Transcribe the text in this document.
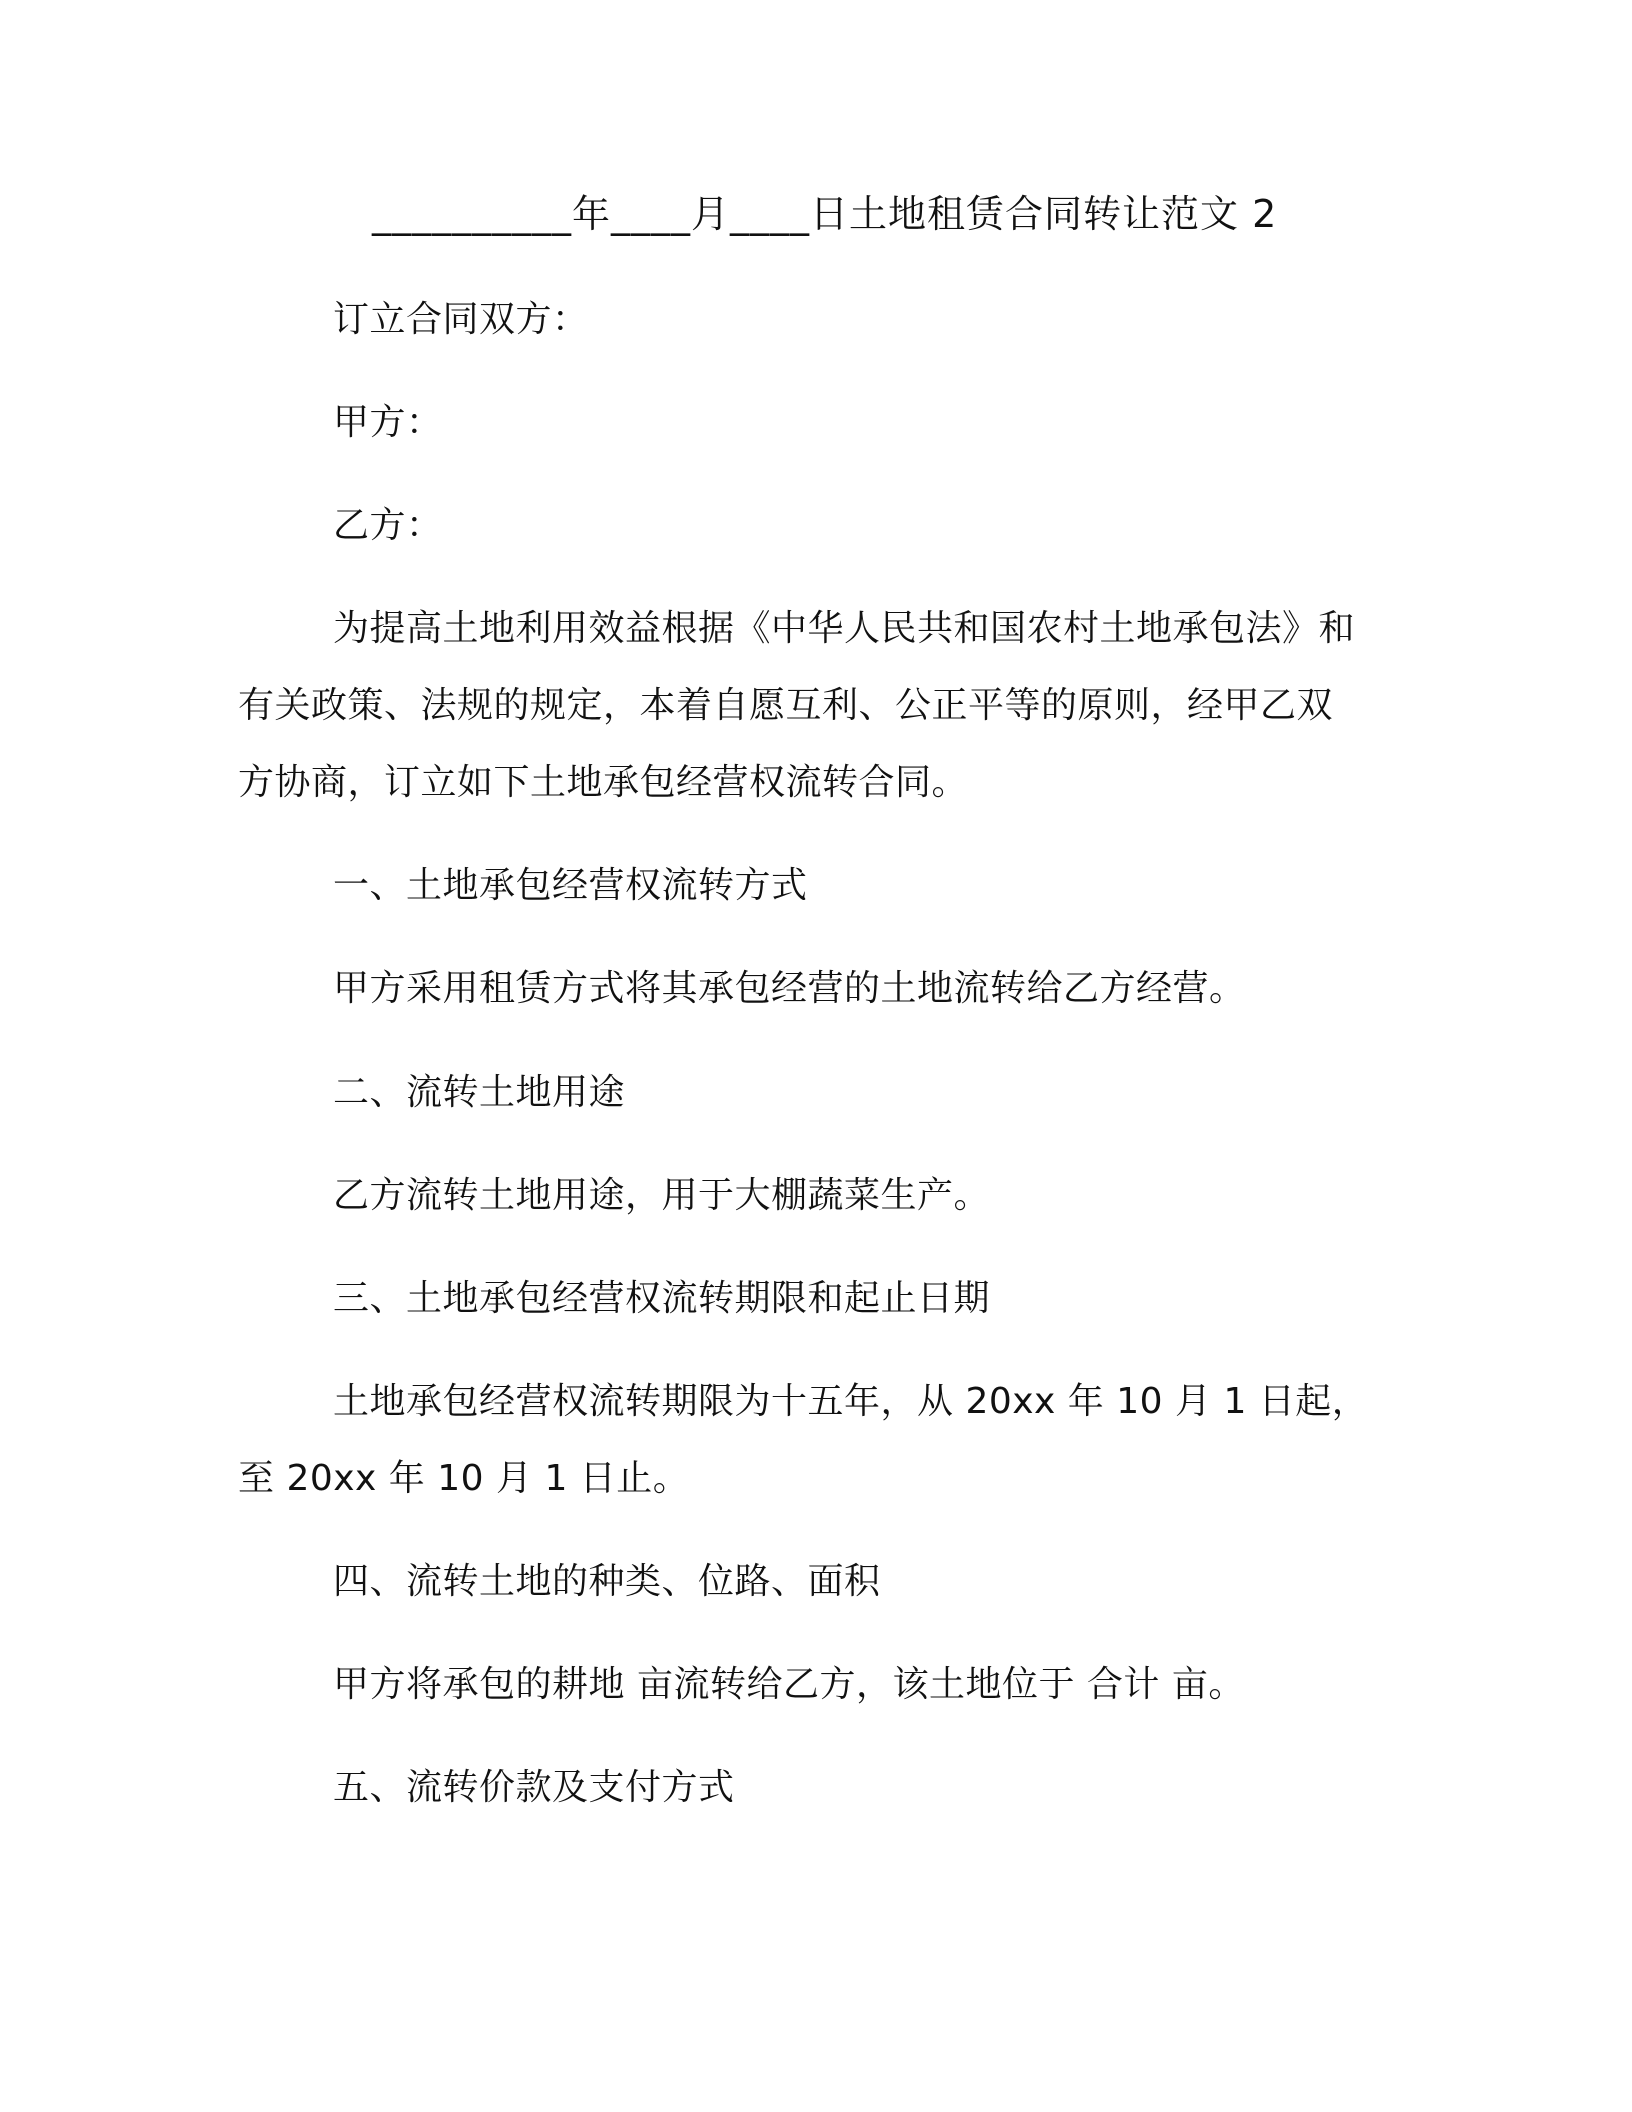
__________年____月____日土地租赁合同转让范文 2
订立合同双方：
甲方：
乙方：
为提高土地利用效益根据《中华人民共和国农村土地承包法》和
有关政策、法规的规定，本着自愿互利、公正平等的原则，经甲乙双
方协商，订立如下土地承包经营权流转合同。
一、土地承包经营权流转方式
甲方采用租赁方式将其承包经营的土地流转给乙方经营。
二、流转土地用途
乙方流转土地用途，用于大棚蔬菜生产。
三、土地承包经营权流转期限和起止日期
土地承包经营权流转期限为十五年，从 20xx 年 10 月 1 日起，
至 20xx 年 10 月 1 日止。
四、流转土地的种类、位路、面积
甲方将承包的耕地 亩流转给乙方，该土地位于 合计 亩。
五、流转价款及支付方式
